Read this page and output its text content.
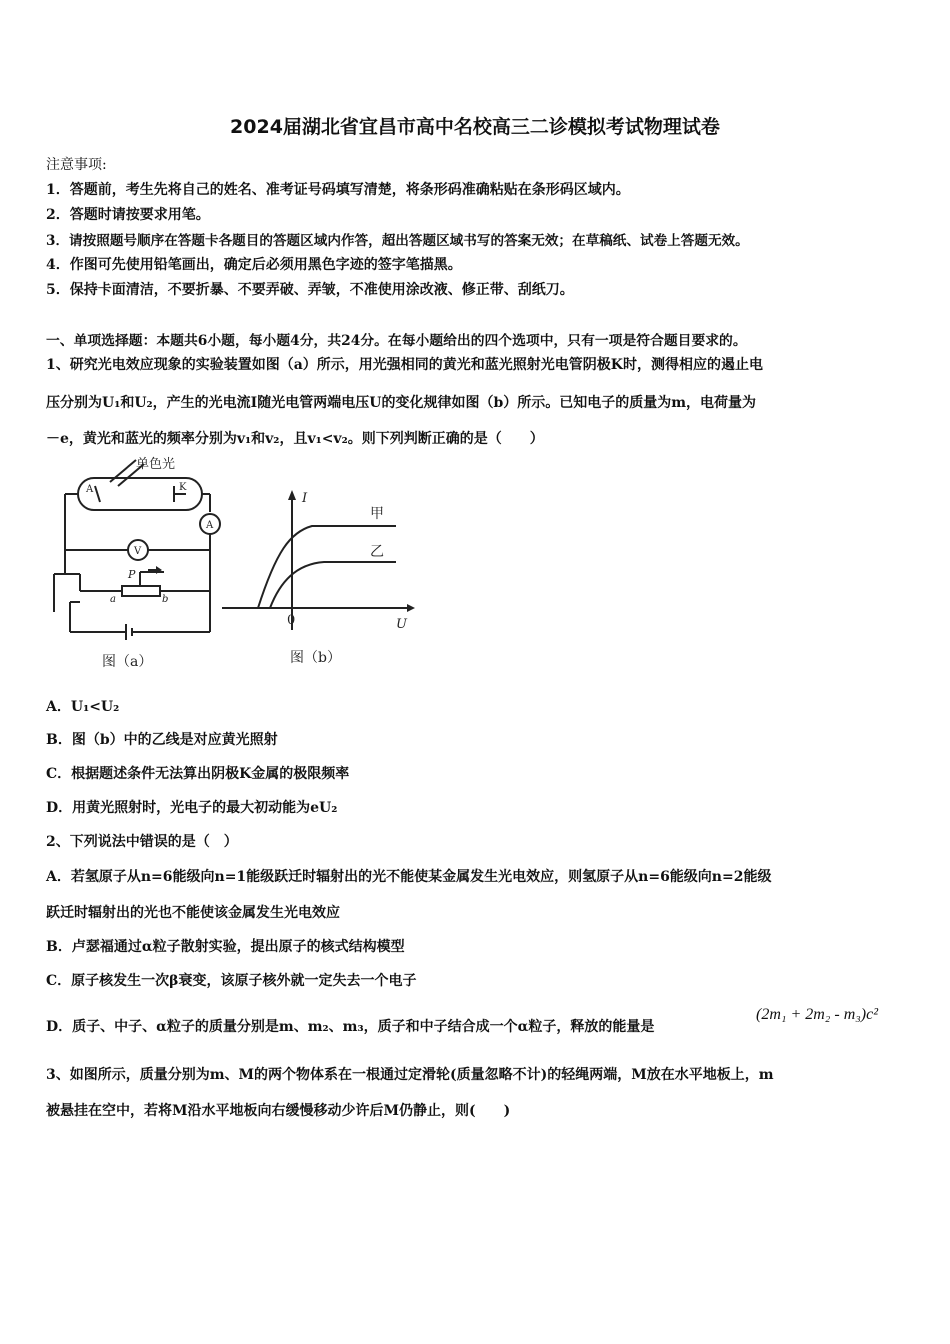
2024届湖北省宜昌市高中名校高三二诊模拟考试物理试卷
注意事项:
1．答题前，考生先将自己的姓名、准考证号码填写清楚，将条形码准确粘贴在条形码区域内。
2．答题时请按要求用笔。
3．请按照题号顺序在答题卡各题目的答题区域内作答，超出答题区域书写的答案无效；在草稿纸、试卷上答题无效。
4．作图可先使用铅笔画出，确定后必须用黑色字迹的签字笔描黑。
5．保持卡面清洁，不要折暴、不要弄破、弄皱，不准使用涂改液、修正带、刮纸刀。
一、单项选择题：本题共6小题，每小题4分，共24分。在每小题给出的四个选项中，只有一项是符合题目要求的。
1、研究光电效应现象的实验装置如图（a）所示，用光强相同的黄光和蓝光照射光电管阴极K时，测得相应的遏止电
压分别为U₁和U₂，产生的光电流I随光电管两端电压U的变化规律如图（b）所示。已知电子的质量为m，电荷量为
－e，黄光和蓝光的频率分别为v₁和v₂，且v₁<v₂。则下列判断正确的是（　　）
单色光
A	K
A
V
P
a	b
图（a）
I
U
0
甲
乙
图（b）
A．U₁<U₂
B．图（b）中的乙线是对应黄光照射
C．根据题述条件无法算出阴极K金属的极限频率
D．用黄光照射时，光电子的最大初动能为eU₂
2、下列说法中错误的是（　）
A．若氢原子从n=6能级向n=1能级跃迁时辐射出的光不能使某金属发生光电效应，则氢原子从n=6能级向n=2能级
跃迁时辐射出的光也不能使该金属发生光电效应
B．卢瑟福通过α粒子散射实验，提出原子的核式结构模型
C．原子核发生一次β衰变，该原子核外就一定失去一个电子
D．质子、中子、α粒子的质量分别是m、m₂、m₃，质子和中子结合成一个α粒子，释放的能量是
(2m₁ + 2m₂ - m₃)c²
3、如图所示，质量分别为m、M的两个物体系在一根通过定滑轮(质量忽略不计)的轻绳两端，M放在水平地板上，m
被悬挂在空中，若将M沿水平地板向右缓慢移动少许后M仍静止，则(　　)
